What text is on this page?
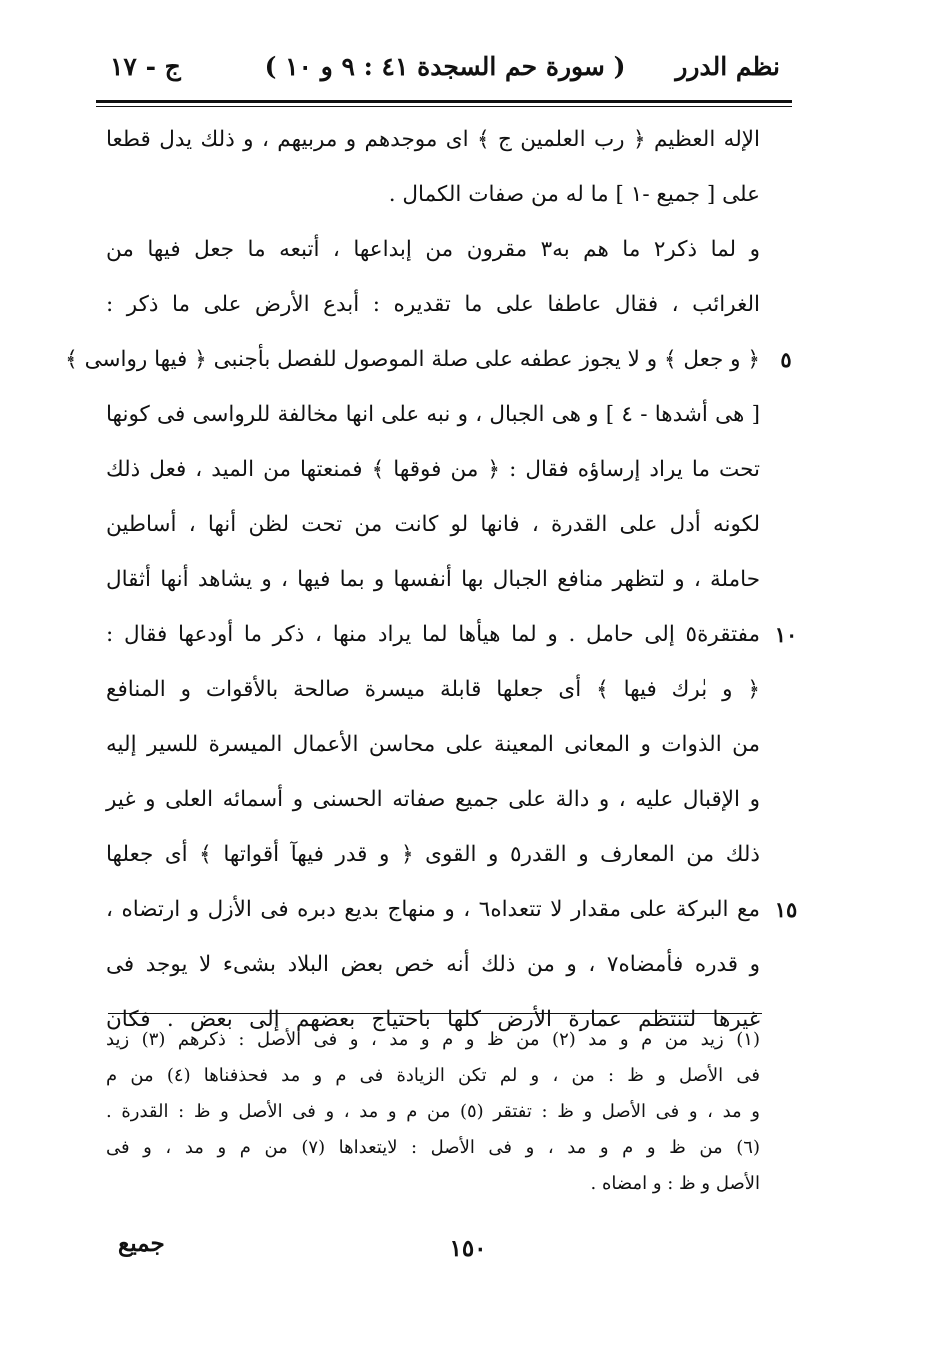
نظم الدرر
( سورة حم السجدة ٤١ : ٩ و ١٠ )
ج - ١٧
الإله العظيم ﴿ رب العلمين ج ﴾ اى موجدهم و مربيهم ، و ذلك يدل قطعا
على [ جميع -١ ] ما له من صفات الكمال .
و لما ذكر٢ ما هم به٣ مقرون من إبداعها ، أتبعه ما جعل فيها من
الغرائب ، فقال عاطفا على ما تقديره : أبدع الأرض على ما ذكر :
٥
﴿ و جعل ﴾ و لا يجوز عطفه على صلة الموصول للفصل بأجنبى ﴿ فيها رواسى ﴾
[ هى أشدها - ٤ ] و هى الجبال ، و نبه على انها مخالفة للرواسى فى كونها
تحت ما يراد إرساؤه فقال : ﴿ من فوقها ﴾ فمنعتها من الميد ، فعل ذلك
لكونه أدل على القدرة ، فانها لو كانت من تحت لظن أنها ، أساطين
حاملة ، و لتظهر منافع الجبال بها أنفسها و بما فيها ، و يشاهد أنها أثقال
١٠
مفتقرة٥ إلى حامل . و لما هيأها لما يراد منها ، ذكر ما أودعها فقال :
﴿ و بٰرك فيها ﴾ أى جعلها قابلة ميسرة صالحة بالأقوات و المنافع
من الذوات و المعانى المعينة على محاسن الأعمال الميسرة للسير إليه
و الإقبال عليه ، و دالة على جميع صفاته الحسنى و أسمائه العلى و غير
ذلك من المعارف و القدر٥ و القوى ﴿ و قدر فيهآ أقواتها ﴾ أى جعلها
١٥
مع البركة على مقدار لا تتعداه٦ ، و منهاج بديع دبره فى الأزل و ارتضاه ،
و قدره فأمضاه٧ ، و من ذلك أنه خص بعض البلاد بشىء لا يوجد فى
غيرها لتنتظم عمارة الأرض كلها باحتياج بعضهم إلى بعض . فكان
(١) زيد من م و مد (٢) من ظ و م و مد ، و فى الأصل : ذكرهم (٣) زيد
فى الأصل و ظ : من ، و لم تكن الزيادة فى م و مد فحذفناها (٤) من م
و مد ، و فى الأصل و ظ : تفتقر (٥) من م و مد ، و فى الأصل و ظ : القدرة .
(٦) من ظ و م و مد ، و فى الأصل : لايتعداها (٧) من م و مد ، و فى
الأصل و ظ : و امضاه .
١٥٠
جميع
